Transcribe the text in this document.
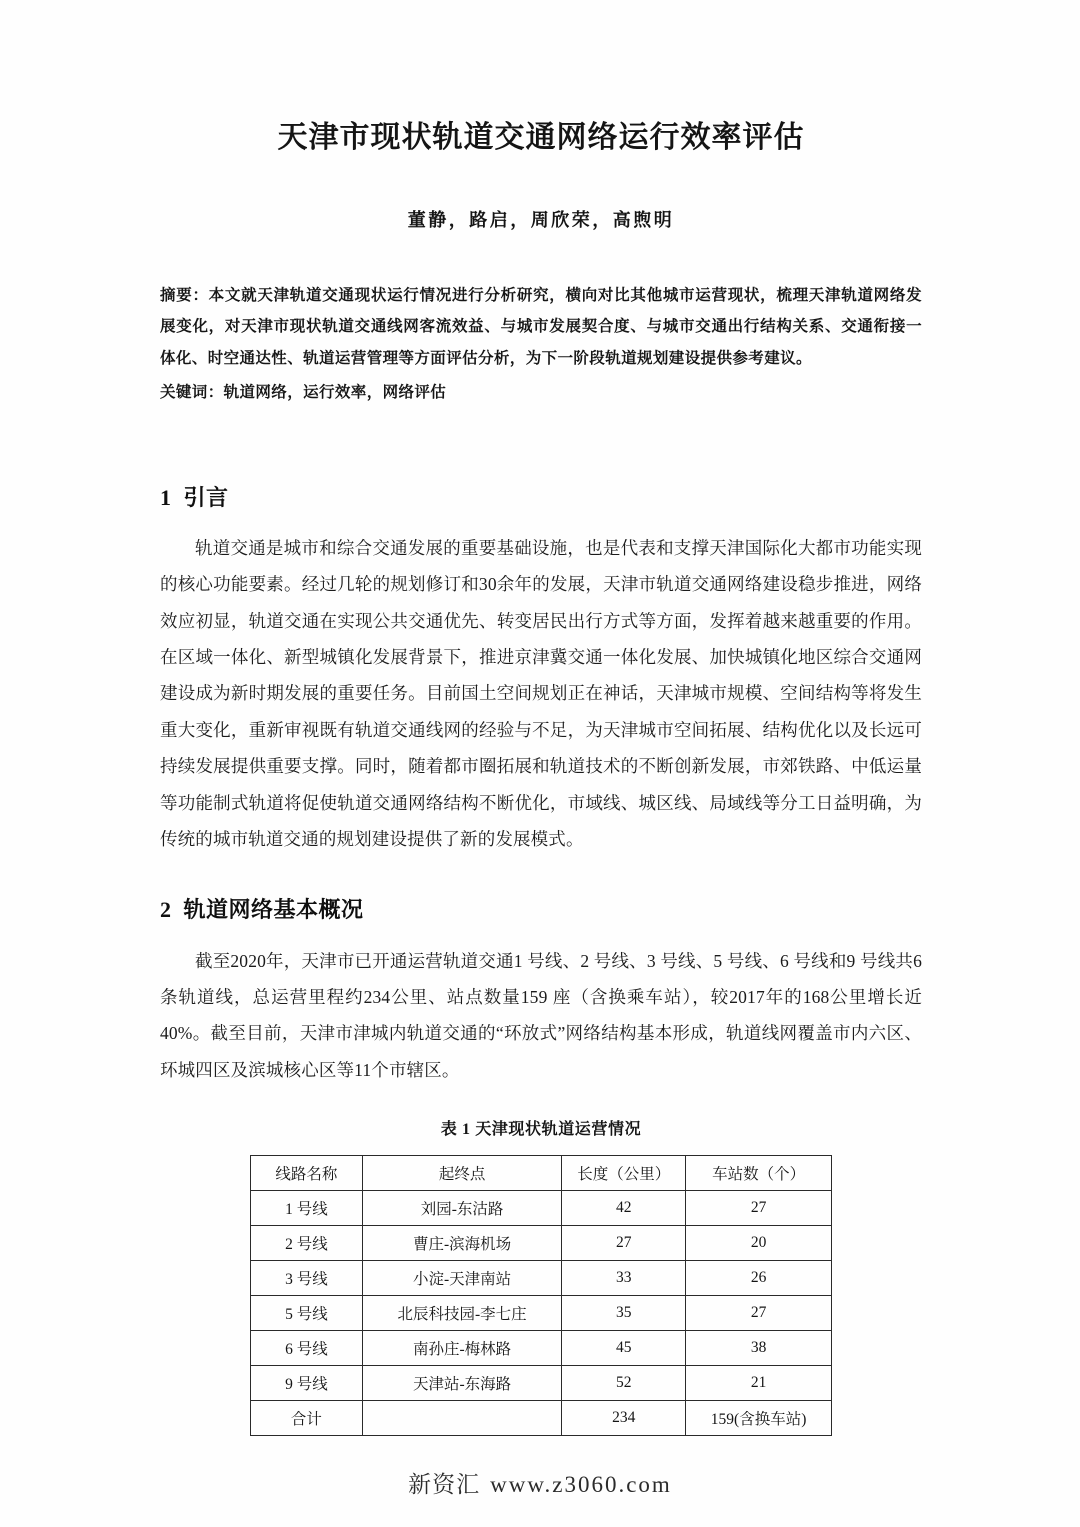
天津市现状轨道交通网络运行效率评估
董静，路启，周欣荣，高煦明
摘要：本文就天津轨道交通现状运行情况进行分析研究，横向对比其他城市运营现状，梳理天津轨道网络发展变化，对天津市现状轨道交通线网客流效益、与城市发展契合度、与城市交通出行结构关系、交通衔接一体化、时空通达性、轨道运营管理等方面评估分析，为下一阶段轨道规划建设提供参考建议。
关键词：轨道网络，运行效率，网络评估
1 引言

轨道交通是城市和综合交通发展的重要基础设施，也是代表和支撑天津国际化大都市功能实现的核心功能要素。经过几轮的规划修订和30余年的发展，天津市轨道交通网络建设稳步推进，网络效应初显，轨道交通在实现公共交通优先、转变居民出行方式等方面，发挥着越来越重要的作用。在区域一体化、新型城镇化发展背景下，推进京津冀交通一体化发展、加快城镇化地区综合交通网建设成为新时期发展的重要任务。目前国土空间规划正在神话，天津城市规模、空间结构等将发生重大变化，重新审视既有轨道交通线网的经验与不足，为天津城市空间拓展、结构优化以及长远可持续发展提供重要支撑。同时，随着都市圈拓展和轨道技术的不断创新发展，市郊铁路、中低运量等功能制式轨道将促使轨道交通网络结构不断优化，市域线、城区线、局域线等分工日益明确，为传统的城市轨道交通的规划建设提供了新的发展模式。

2 轨道网络基本概况

截至2020年，天津市已开通运营轨道交通1 号线、2 号线、3 号线、5 号线、6 号线和9 号线共6条轨道线，总运营里程约234公里、站点数量159 座（含换乘车站），较2017年的168公里增长近40%。截至目前，天津市津城内轨道交通的“环放式”网络结构基本形成，轨道线网覆盖市内六区、环城四区及滨城核心区等11个市辖区。

表 1 天津现状轨道运营情况
线路名称	起终点	长度（公里）	车站数（个）
1 号线	刘园-东沽路	42	27
2 号线	曹庄-滨海机场	27	20
3 号线	小淀-天津南站	33	26
5 号线	北辰科技园-李七庄	35	27
6 号线	南孙庄-梅林路	45	38
9 号线	天津站-东海路	52	21
合计		234	159(含换车站)
新资汇 www.z3060.com
